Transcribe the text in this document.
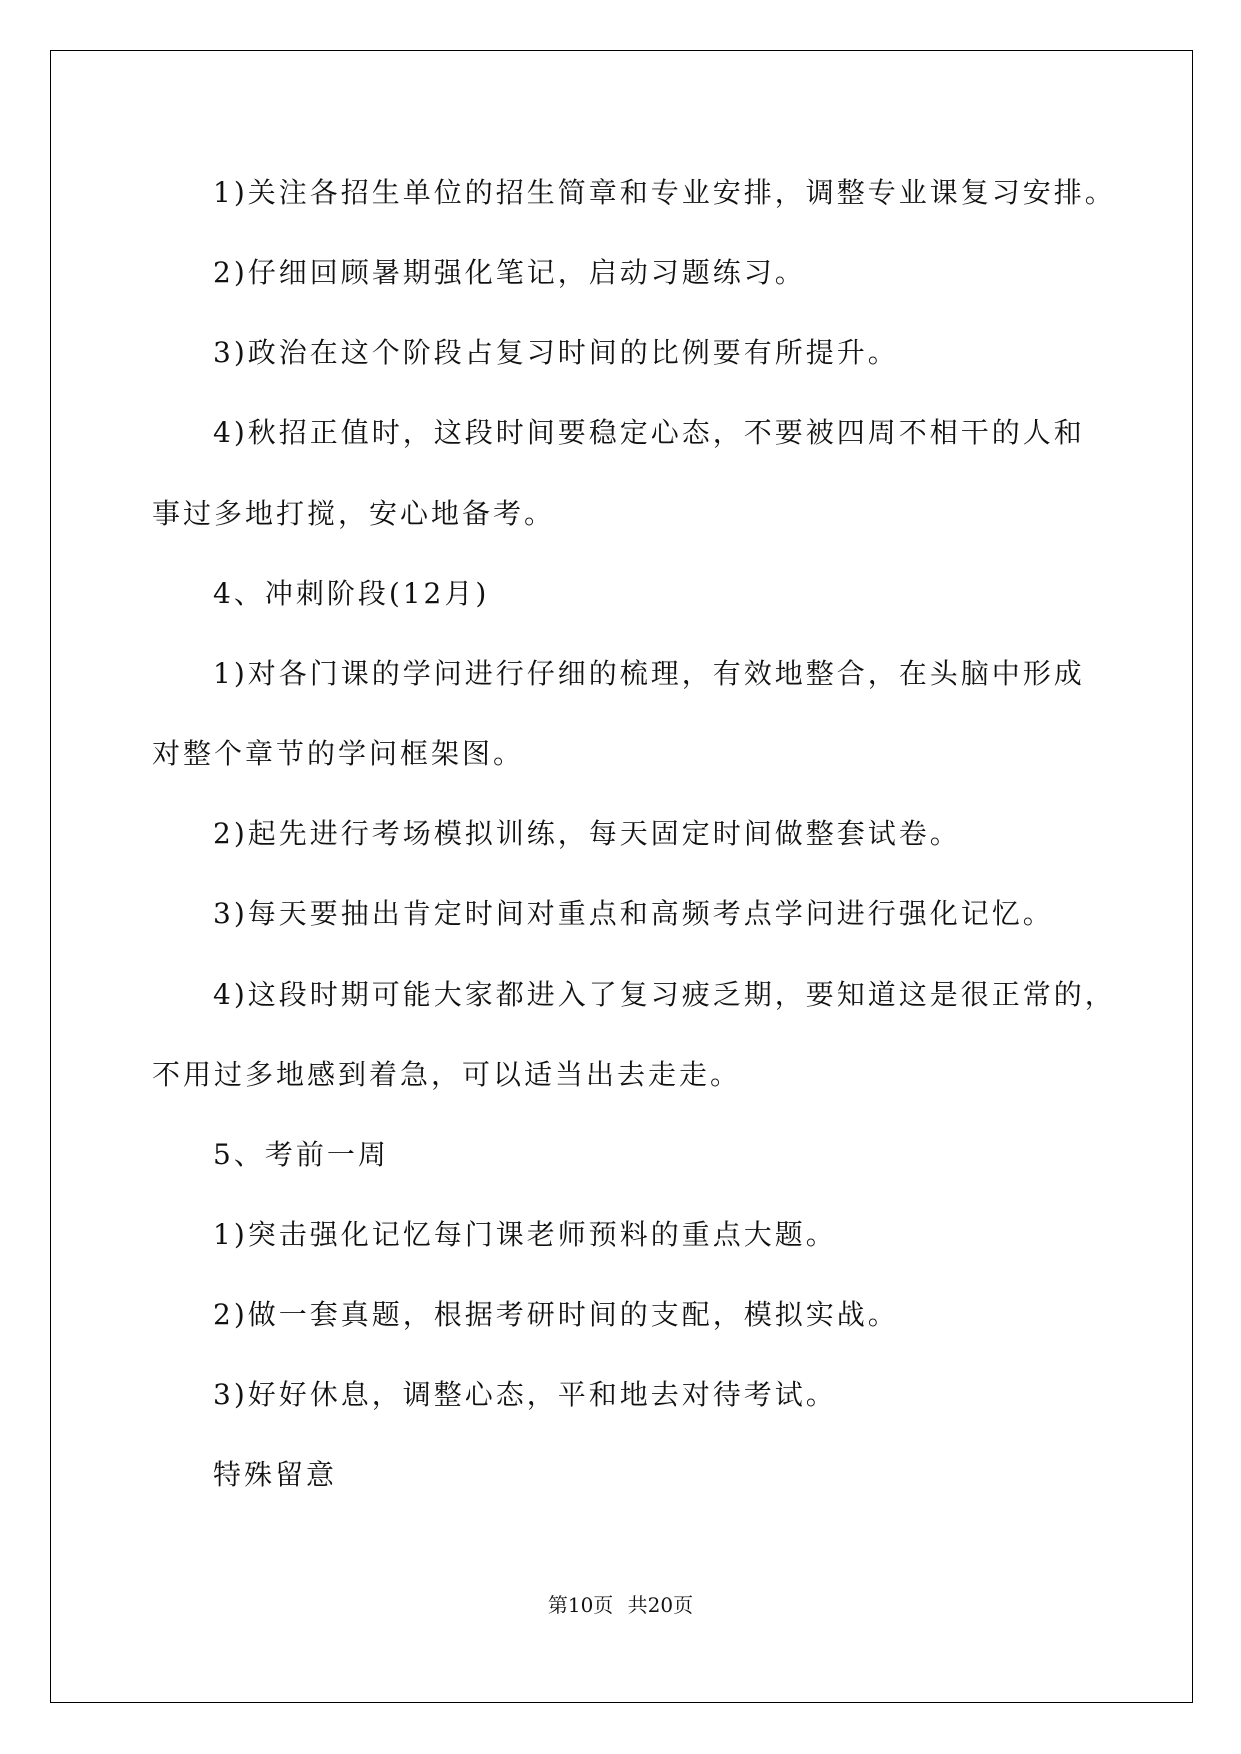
1)关注各招生单位的招生简章和专业安排，调整专业课复习安排。
2)仔细回顾暑期强化笔记，启动习题练习。
3)政治在这个阶段占复习时间的比例要有所提升。
4)秋招正值时，这段时间要稳定心态，不要被四周不相干的人和
事过多地打搅，安心地备考。
4、冲刺阶段(12月)
1)对各门课的学问进行仔细的梳理，有效地整合，在头脑中形成
对整个章节的学问框架图。
2)起先进行考场模拟训练，每天固定时间做整套试卷。
3)每天要抽出肯定时间对重点和高频考点学问进行强化记忆。
4)这段时期可能大家都进入了复习疲乏期，要知道这是很正常的，
不用过多地感到着急，可以适当出去走走。
5、考前一周
1)突击强化记忆每门课老师预料的重点大题。
2)做一套真题，根据考研时间的支配，模拟实战。
3)好好休息，调整心态，平和地去对待考试。
特殊留意
第10页 共20页
